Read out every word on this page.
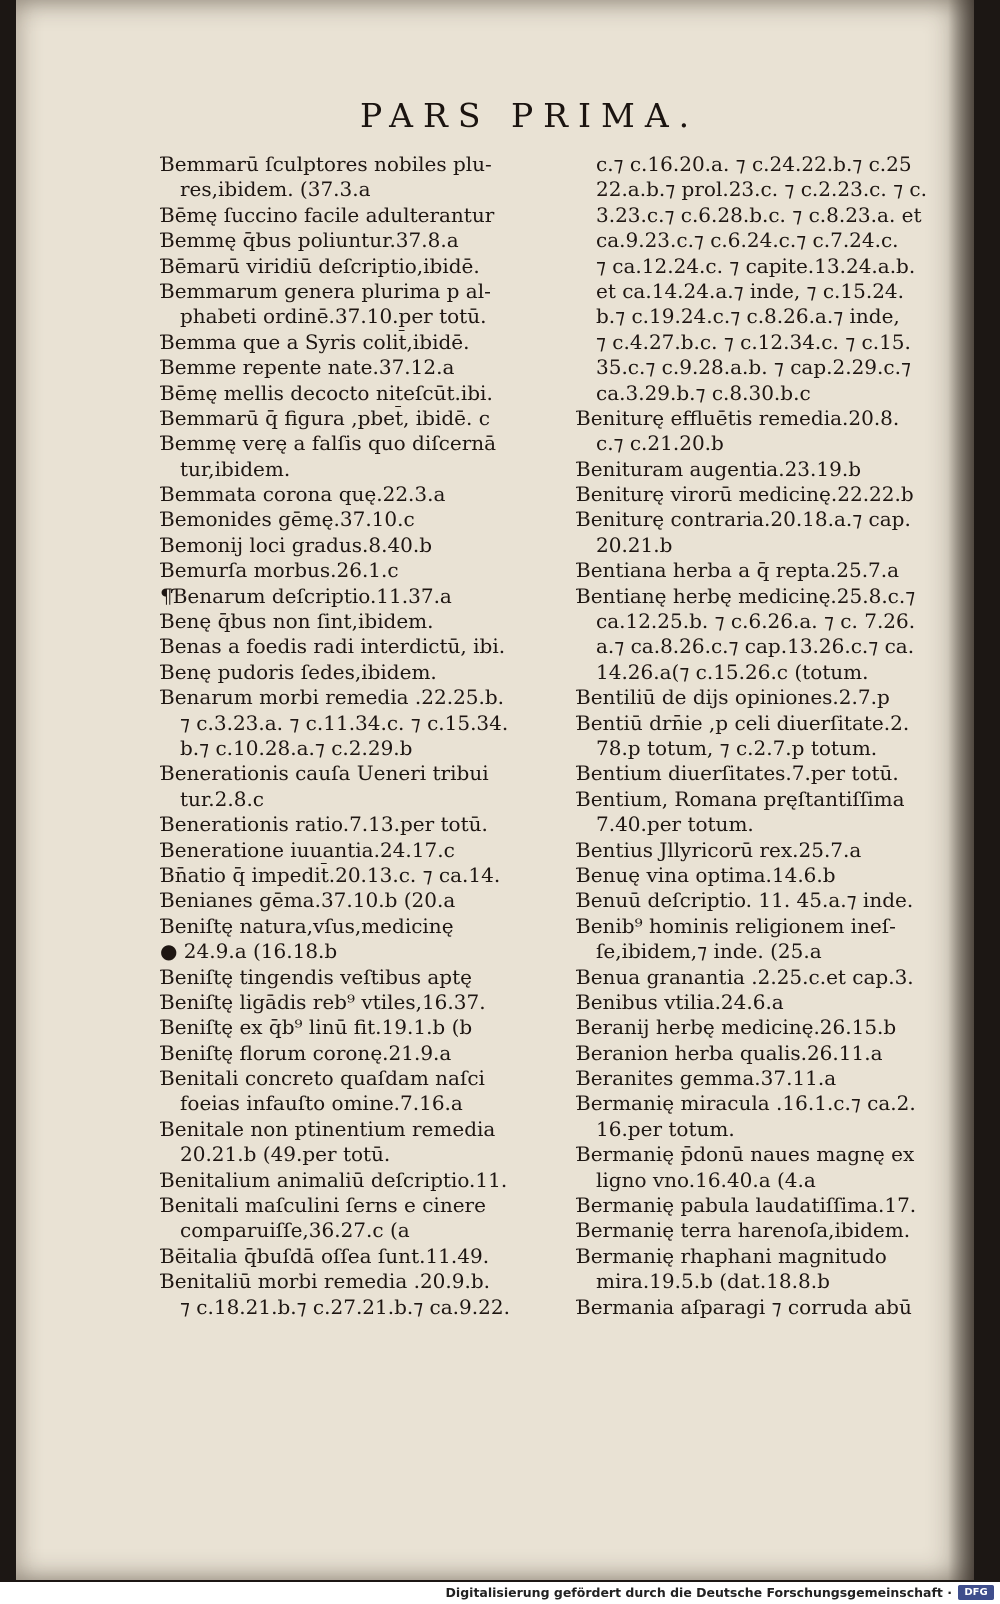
PARS PRIMA.
Ɓemmarū ſculptores nobiles plu-
res,ibidem. (37.3.a
Ɓēmę ſuccino facile adulterantur
Ɓemmę q̄bus poliuntur.37.8.a
Ɓēmarū viridiū deſcriptio,ibidē.
Ɓemmarum genera plurima p al-
phabeti ordinē.37.10.per totū.
Ɓemma que a Syris colit̄,ibidē.
Ɓemme repente nate.37.12.a
Ɓēmę mellis decocto niteſcūt.ibi.
Ɓemmarū q̄ figura ,pbet̄, ibidē. c
Ɓemmę verę a falſis quo diſcernā
tur,ibidem.
Ɓemmata corona quę.22.3.a
Ɓemonides gēmę.37.10.c
Ɓemonij loci gradus.8.40.b
Ɓemurſa morbus.26.1.c
¶Ɓenarum deſcriptio.11.37.a
Ɓenę q̄bus non ſint,ibidem.
Ɓenas a foedis radi interdictū, ibi.
Ɓenę pudoris ſedes,ibidem.
Ɓenarum morbi remedia .22.25.b.
⁊ c.3.23.a. ⁊ c.11.34.c. ⁊ c.15.34.
b.⁊ c.10.28.a.⁊ c.2.29.b
Ɓenerationis cauſa Ueneri tribui
tur.2.8.c
Ɓenerationis ratio.7.13.per totū.
Ɓeneratione iuuantia.24.17.c
Ɓn̄atio q̄ impedit̄.20.13.c. ⁊ ca.14.
Ɓenianes gēma.37.10.b (20.a
Ɓeniſtę natura,vſus,medicinę
● 24.9.a (16.18.b
Ɓeniſtę tingendis veſtibus aptę
Ɓeniſtę ligādis reb⁹ vtiles,16.37.
Ɓeniſtę ex q̄b⁹ linū fit.19.1.b (b
Ɓeniſtę florum coronę.21.9.a
Ɓenitali concreto quaſdam naſci
foeias infauſto omine.7.16.a
Ɓenitale non ptinentium remedia
20.21.b (49.per totū.
Ɓenitalium animaliū deſcriptio.11.
Ɓenitali maſculini ſerns e cinere
comparuiſſe,36.27.c (a
Ɓēitalia q̄buſdā oſſea ſunt.11.49.
Ɓenitaliū morbi remedia .20.9.b.
⁊ c.18.21.b.⁊ c.27.21.b.⁊ ca.9.22.
c.⁊ c.16.20.a. ⁊ c.24.22.b.⁊ c.25
22.a.b.⁊ prol.23.c. ⁊ c.2.23.c. ⁊ c.
3.23.c.⁊ c.6.28.b.c. ⁊ c.8.23.a. et
ca.9.23.c.⁊ c.6.24.c.⁊ c.7.24.c.
⁊ ca.12.24.c. ⁊ capite.13.24.a.b.
et ca.14.24.a.⁊ inde, ⁊ c.15.24.
b.⁊ c.19.24.c.⁊ c.8.26.a.⁊ inde,
⁊ c.4.27.b.c. ⁊ c.12.34.c. ⁊ c.15.
35.c.⁊ c.9.28.a.b. ⁊ cap.2.29.c.⁊
ca.3.29.b.⁊ c.8.30.b.c
Ɓeniturę effluētis remedia.20.8.
c.⁊ c.21.20.b
Ɓenituram augentia.23.19.b
Ɓeniturę virorū medicinę.22.22.b
Ɓeniturę contraria.20.18.a.⁊ cap.
20.21.b
Ɓentiana herba a q̄ repta.25.7.a
Ɓentianę herbę medicinę.25.8.c.⁊
ca.12.25.b. ⁊ c.6.26.a. ⁊ c. 7.26.
a.⁊ ca.8.26.c.⁊ cap.13.26.c.⁊ ca.
14.26.a(⁊ c.15.26.c (totum.
Ɓentiliū de dijs opiniones.2.7.p
Ɓentiū drn̄ie ,p celi diuerſitate.2.
78.p totum, ⁊ c.2.7.p totum.
Ɓentium diuerſitates.7.per totū.
Ɓentium, Romana pręſtantiſſima
7.40.per totum.
Ɓentius Jllyricorū rex.25.7.a
Ɓenuę vina optima.14.6.b
Ɓenuū deſcriptio. 11. 45.a.⁊ inde.
Ɓenib⁹ hominis religionem ineſ-
ſe,ibidem,⁊ inde. (25.a
Ɓenua granantia .2.25.c.et cap.3.
Ɓenibus vtilia.24.6.a
Ɓeranij herbę medicinę.26.15.b
Ɓeranion herba qualis.26.11.a
Ɓeranites gemma.37.11.a
Ɓermanię miracula .16.1.c.⁊ ca.2.
16.per totum.
Ɓermanię p̄donū naues magnę ex
ligno vno.16.40.a (4.a
Ɓermanię pabula laudatiſſima.17.
Ɓermanię terra harenoſa,ibidem.
Ɓermanię rhaphani magnitudo
mira.19.5.b (dat.18.8.b
Ɓermania aſparagi ⁊ corruda abū
Digitalisierung gefördert durch die Deutsche Forschungsgemeinschaft ·	DFG
